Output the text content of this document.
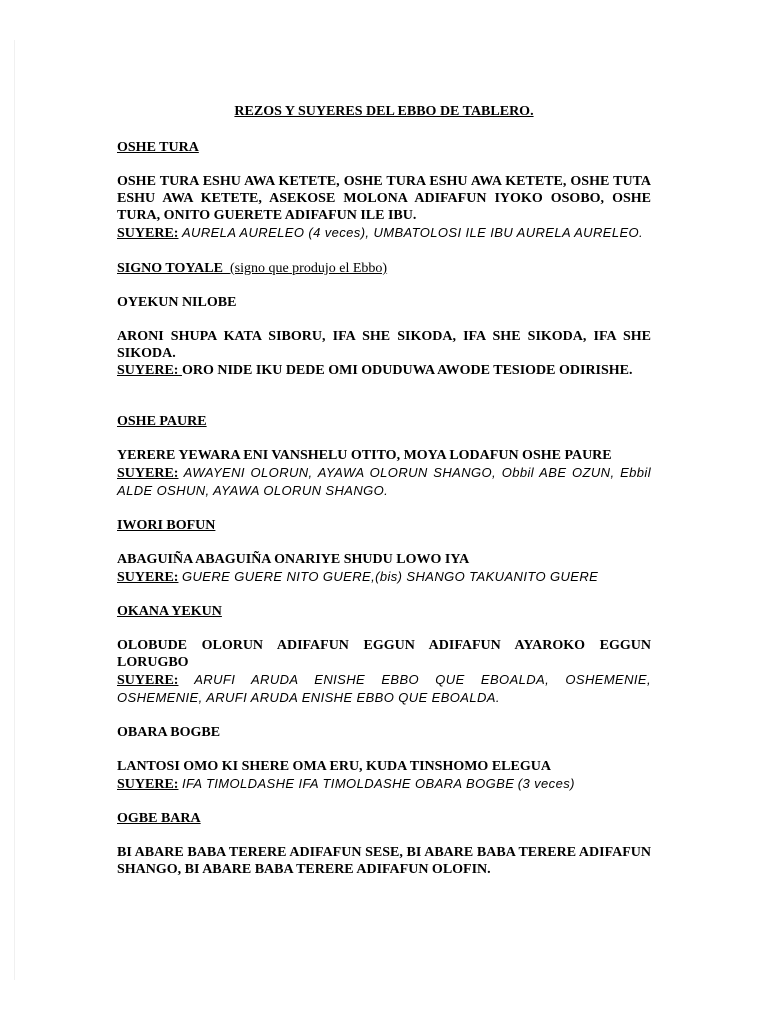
REZOS Y SUYERES DEL EBBO DE TABLERO.

OSHE TURA

OSHE TURA ESHU AWA KETETE, OSHE TURA ESHU AWA KETETE, OSHE TUTA ESHU AWA KETETE, ASEKOSE MOLONA ADIFAFUN IYOKO OSOBO, OSHE TURA, ONITO GUERETE ADIFAFUN ILE IBU.

SUYERE: AURELA AURELEO (4 veces), UMBATOLOSI ILE IBU AURELA AURELEO.

SIGNO TOYALE (signo que produjo el Ebbo)

OYEKUN NILOBE

ARONI SHUPA KATA SIBORU, IFA SHE SIKODA, IFA SHE SIKODA, IFA SHE SIKODA.

SUYERE: ORO NIDE IKU DEDE OMI ODUDUWA AWODE TESIODE ODIRISHE.

OSHE PAURE

YERERE YEWARA ENI VANSHELU OTITO, MOYA LODAFUN OSHE PAURE

SUYERE: AWAYENI OLORUN, AYAWA OLORUN SHANGO, Obbil ABE OZUN, Ebbil ALDE OSHUN, AYAWA OLORUN SHANGO.

IWORI BOFUN

ABAGUIÑA ABAGUIÑA ONARIYE SHUDU LOWO IYA

SUYERE: GUERE GUERE NITO GUERE,(bis) SHANGO TAKUANITO GUERE

OKANA YEKUN

OLOBUDE OLORUN ADIFAFUN EGGUN ADIFAFUN AYAROKO EGGUN LORUGBO

SUYERE: ARUFI ARUDA ENISHE EBBO QUE EBOALDA, OSHEMENIE, OSHEMENIE, ARUFI ARUDA ENISHE EBBO QUE EBOALDA.

OBARA BOGBE

LANTOSI OMO KI SHERE OMA ERU, KUDA TINSHOMO ELEGUA

SUYERE: IFA TIMOLDASHE IFA TIMOLDASHE OBARA BOGBE (3 veces)

OGBE BARA

BI ABARE BABA TERERE ADIFAFUN SESE, BI ABARE BABA TERERE ADIFAFUN SHANGO, BI ABARE BABA TERERE ADIFAFUN OLOFIN.
